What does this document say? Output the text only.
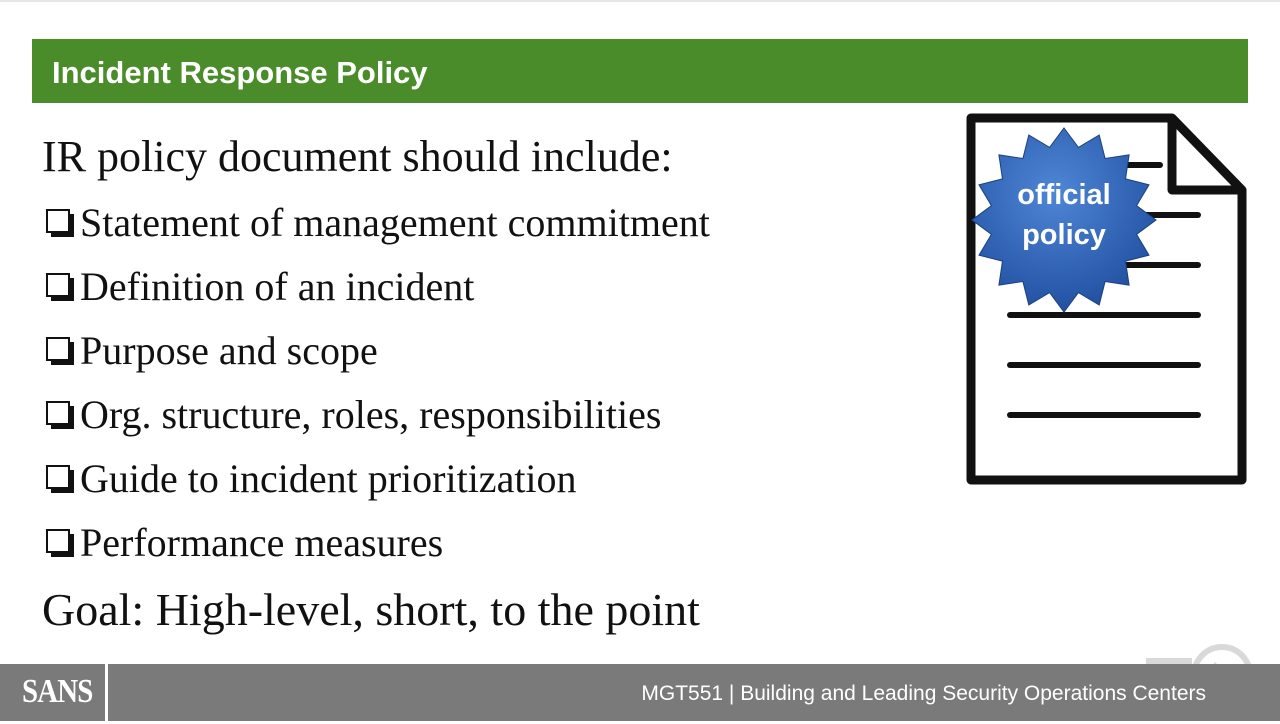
Incident Response Policy
IR policy document should include:
Statement of management commitment
Definition of an incident
Purpose and scope
Org. structure, roles, responsibilities
Guide to incident prioritization
Performance measures
Goal: High-level, short, to the point
official
policy
SANS	MGT551 | Building and Leading Security Operations Centers
